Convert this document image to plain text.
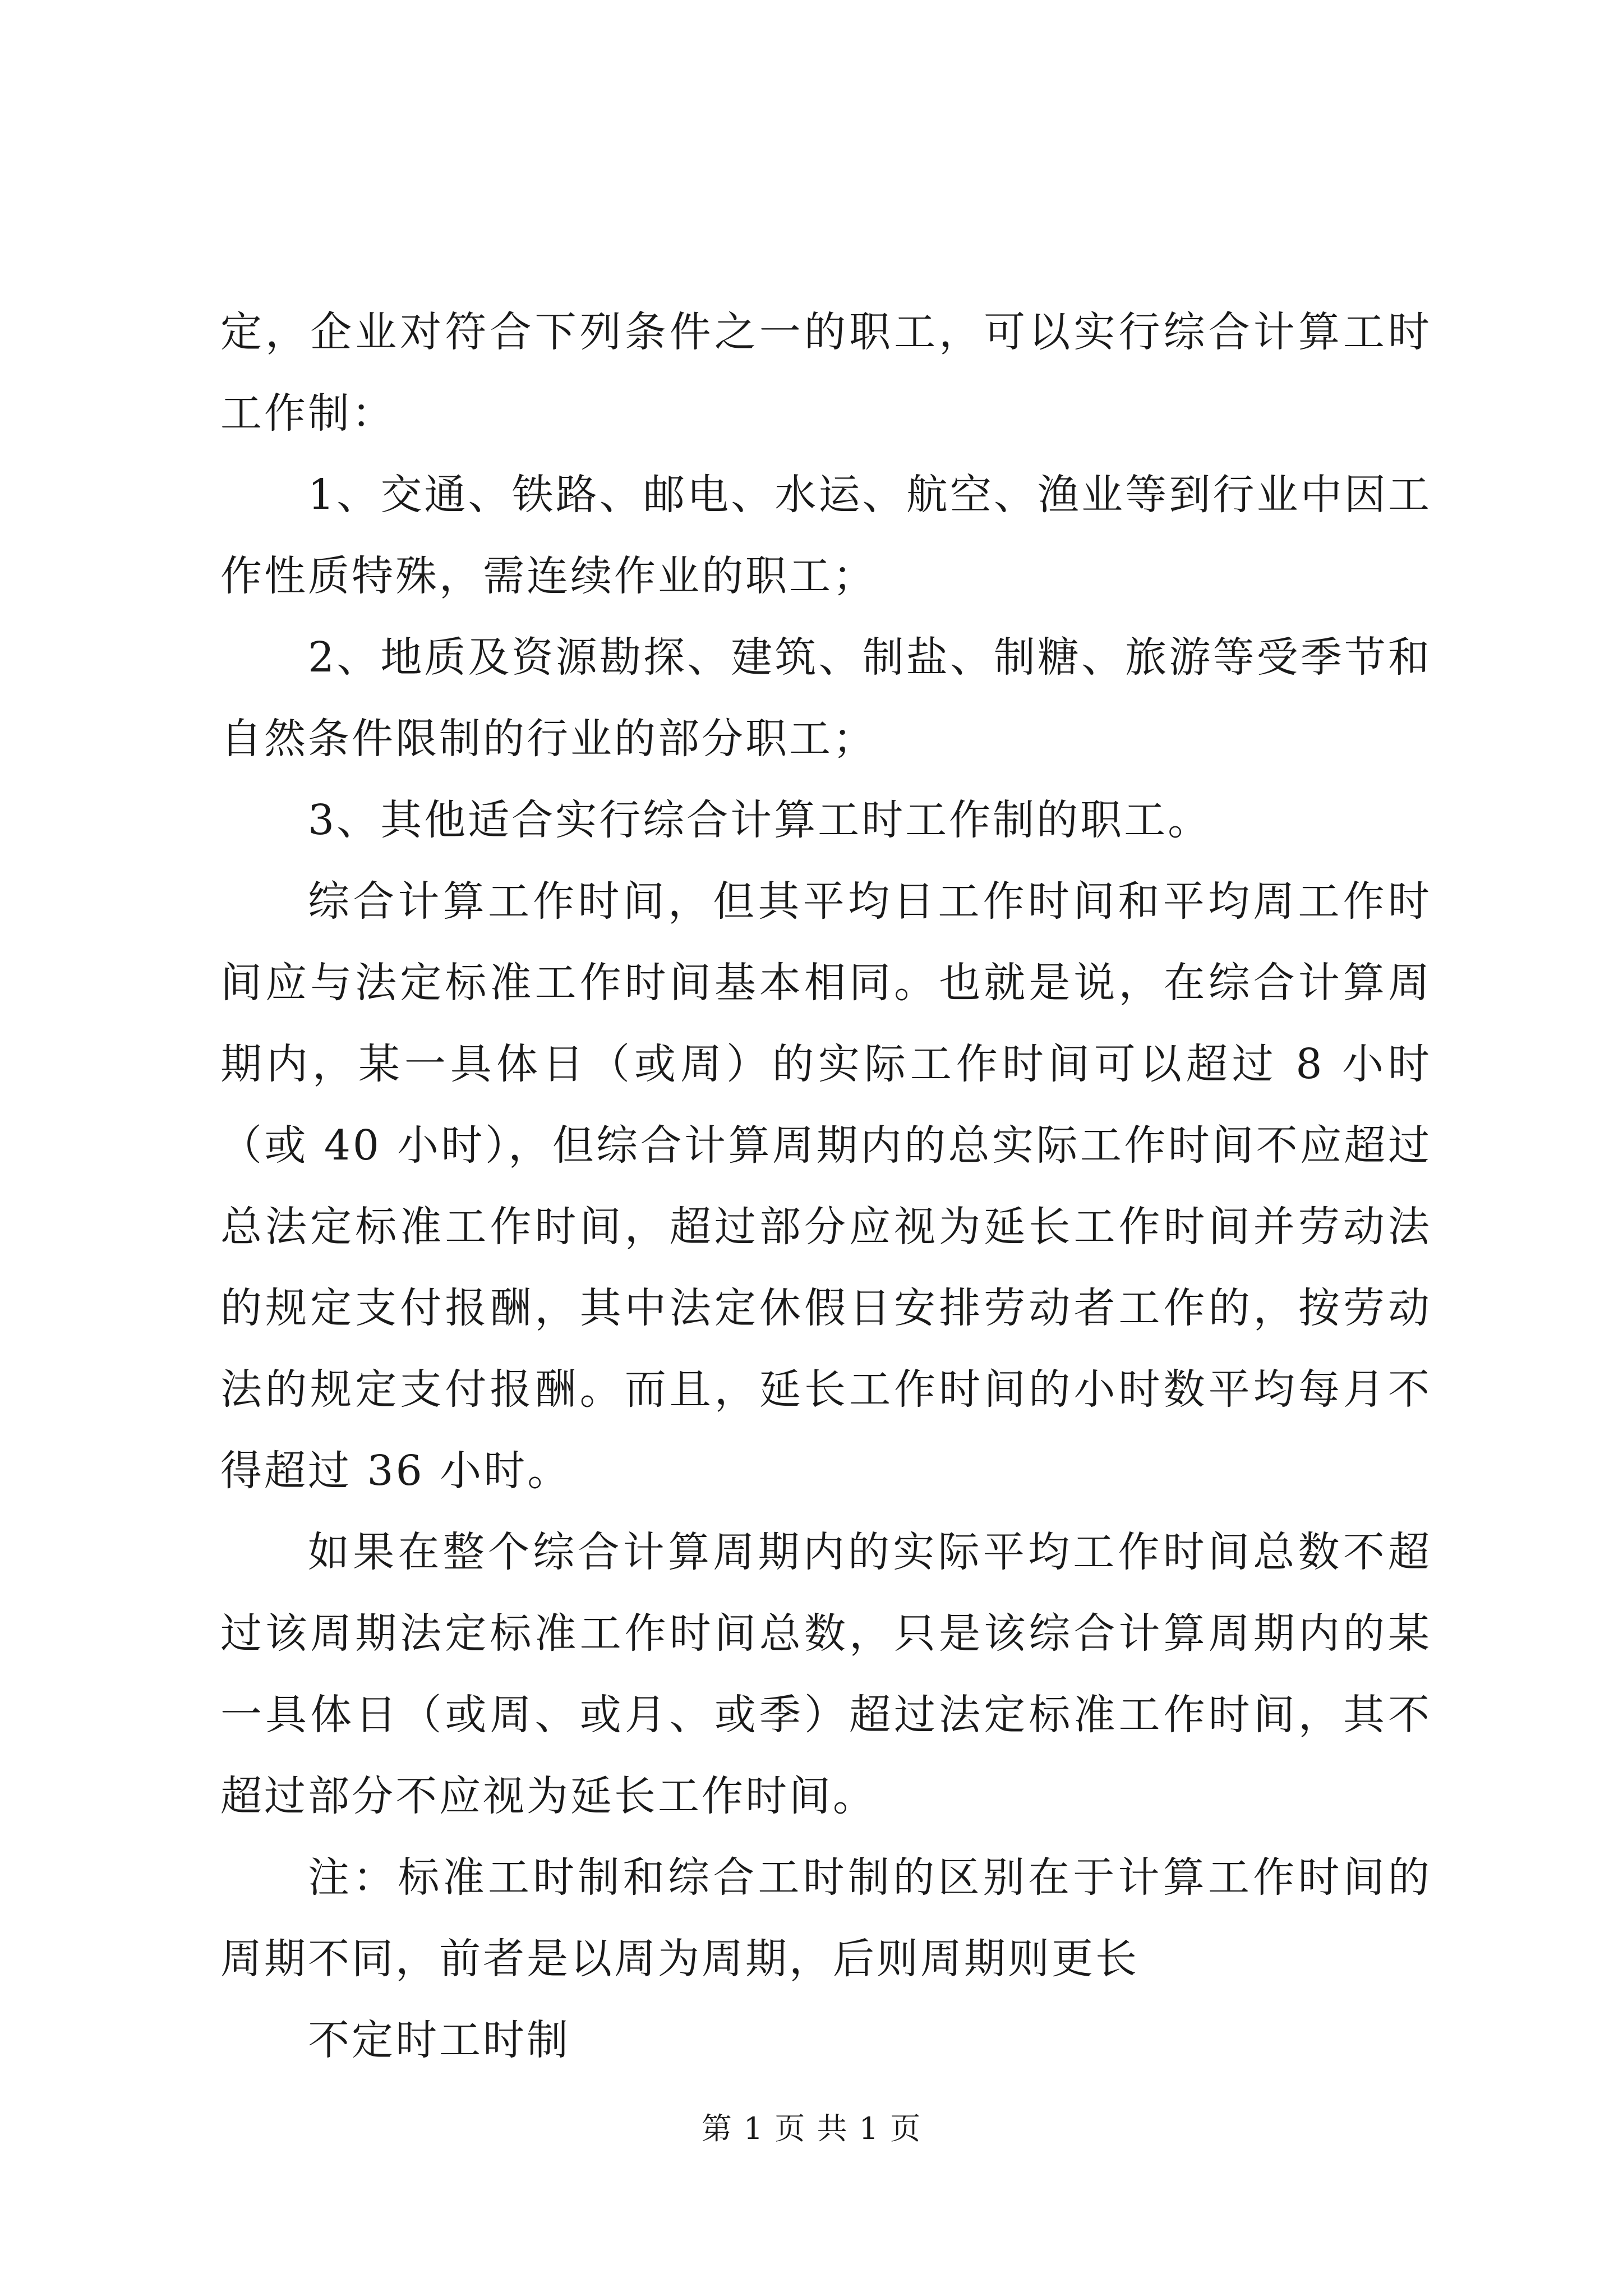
定，企业对符合下列条件之一的职工，可以实行综合计算工时工作制：

1、交通、铁路、邮电、水运、航空、渔业等到行业中因工作性质特殊，需连续作业的职工；

2、地质及资源勘探、建筑、制盐、制糖、旅游等受季节和自然条件限制的行业的部分职工；

3、其他适合实行综合计算工时工作制的职工。

综合计算工作时间，但其平均日工作时间和平均周工作时间应与法定标准工作时间基本相同。也就是说，在综合计算周期内，某一具体日（或周）的实际工作时间可以超过 8 小时（或 40 小时），但综合计算周期内的总实际工作时间不应超过总法定标准工作时间，超过部分应视为延长工作时间并劳动法的规定支付报酬，其中法定休假日安排劳动者工作的，按劳动法的规定支付报酬。而且，延长工作时间的小时数平均每月不得超过 36 小时。

如果在整个综合计算周期内的实际平均工作时间总数不超过该周期法定标准工作时间总数，只是该综合计算周期内的某一具体日（或周、或月、或季）超过法定标准工作时间，其不超过部分不应视为延长工作时间。

注：标准工时制和综合工时制的区别在于计算工作时间的周期不同，前者是以周为周期，后则周期则更长

不定时工时制

第 1 页 共 1 页
